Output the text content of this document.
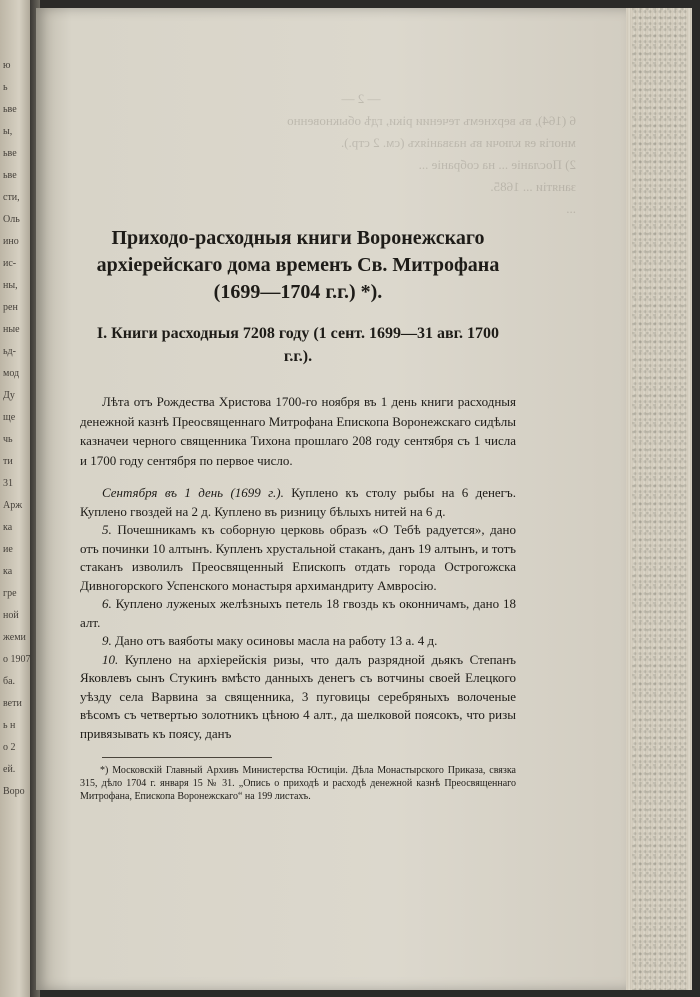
ю
ь
ьве
ы,
ьве
ьве
сти,
Оль
ино
ис-
ны,
рен
ные
ьд-
мод
Ду
ще
чь
ти
31
Арж
ка
ие
ка
гре
ной
жеми
о 1907
ба.
вети
ь н
о 2
ей.
Воро
— 2 —
6 (164), въ верхнемъ течении ріки, гдѣ обыкновенно
многія ея ключи въ названіяхъ (см. 2 стр.).
2) Посланіе ... на собраніе ...
занятіи ... 1685.
...
Приходо-расходныя книги Воронежскаго архіерейскаго дома временъ Св. Митрофана (1699—1704 г.г.) *).
I. Книги расходныя 7208 году (1 сент. 1699—31 авг. 1700 г.г.).

Лѣта отъ Рождества Христова 1700-го ноября въ 1 день книги расходныя денежной казнѣ Преосвященнаго Митрофана Епископа Воронежскаго сидѣлы казначеи черного священника Тихона прошлаго 208 году сентября съ 1 числа и 1700 году сентября по первое число.

Сентября въ 1 день (1699 г.). Куплено къ столу рыбы на 6 денегъ. Куплено гвоздей на 2 д. Куплено въ ризницу бѣлыхъ нитей на 6 д.

5. Почешникамъ къ соборную церковь образъ «О Тебѣ радуется», дано отъ починки 10 алтынъ. Купленъ хрустальной стаканъ, данъ 19 алтынъ, и тотъ стаканъ изволилъ Преосвященный Епископъ отдать города Острогожска Дивногорского Успенского монастыря архимандриту Амвросію.

6. Куплено луженых желѣзныхъ петель 18 гвоздь къ оконничамъ, дано 18 алт.

9. Дано отъ ваяботы маку осиновы масла на работу 13 а. 4 д.

10. Куплено на архіерейскія ризы, что далъ разрядной дьякъ Степанъ Яковлевъ сынъ Стукинъ вмѣсто данныхъ денегъ съ вотчины своей Елецкого уѣзду села Варвина за священника, 3 пуговицы серебряныхъ волоченые вѣсомъ съ четвертью золотникъ цѣною 4 алт., да шелковой поясокъ, что ризы привязывать къ поясу, данъ

*) Московскій Главный Архивъ Министерства Юстиціи. Дѣла Монастырского Приказа, связка 315, дѣло 1704 г. января 15 № 31. „Опись о приходѣ и расходѣ денежной казнѣ Преосвященнаго Митрофана, Епископа Воронежскаго“ на 199 листахъ.
